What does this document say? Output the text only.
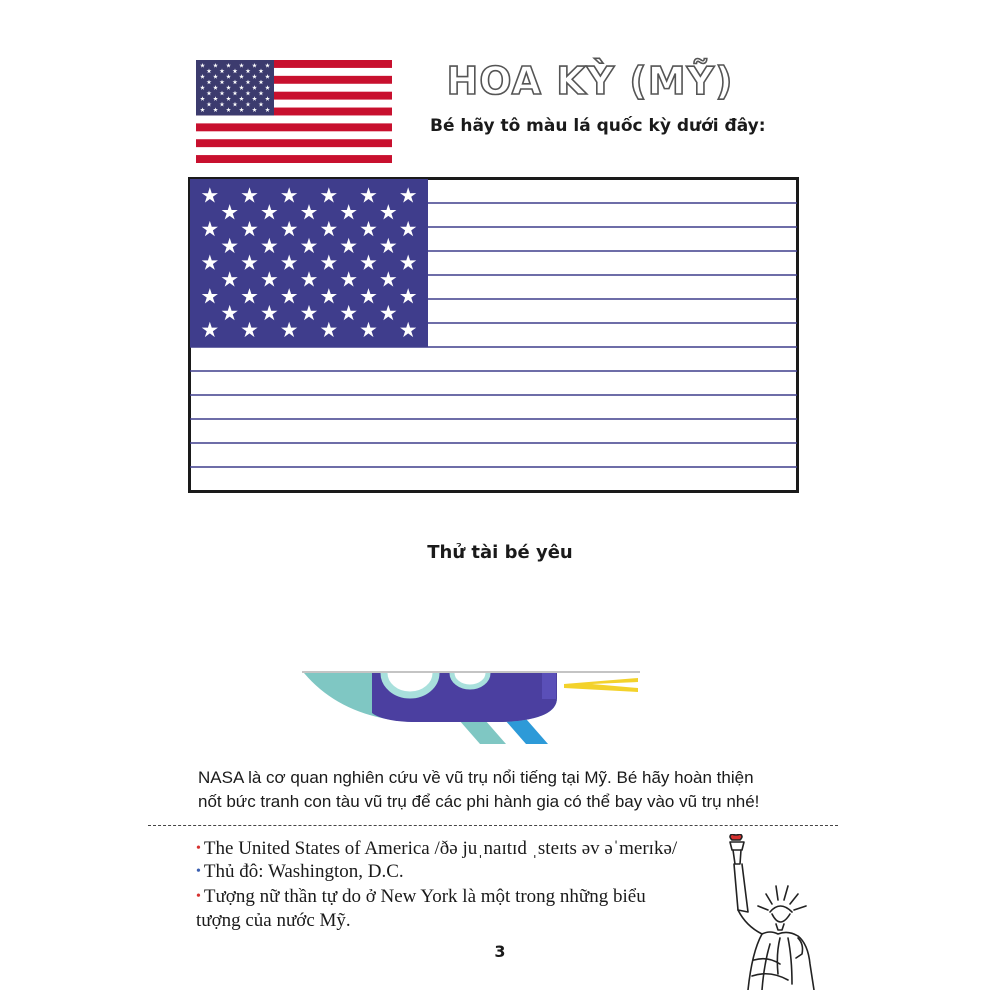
HOA KỲ (MỸ)
Bé hãy tô màu lá quốc kỳ dưới đây:
Thử tài bé yêu
NASA là cơ quan nghiên cứu về vũ trụ nổi tiếng tại Mỹ. Bé hãy hoàn thiện
nốt bức tranh con tàu vũ trụ để các phi hành gia có thể bay vào vũ trụ nhé!
• The United States of America /ðə juˌnaɪtɪd ˌsteɪts əv əˈmerɪkə/
• Thủ đô: Washington, D.C.
• Tượng nữ thần tự do ở New York là một trong những biểu
tượng của nước Mỹ.
3
